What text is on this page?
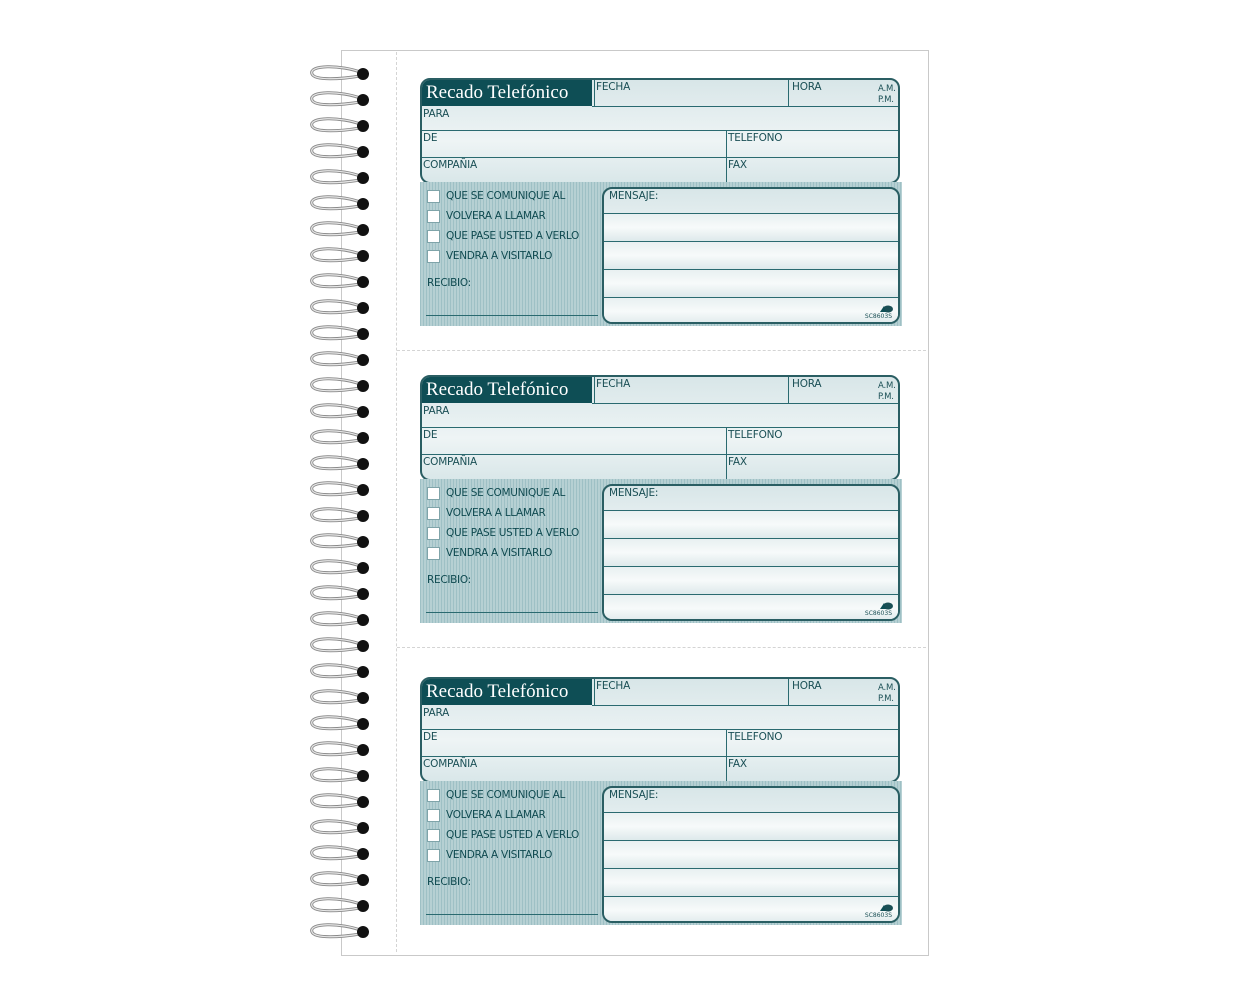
Recado Telefónico	FECHA	HORA	A.M.
P.M.
PARA
DE	TELEFONO
COMPAÑIA	FAX
QUE SE COMUNIQUE AL
VOLVERA A LLAMAR
QUE PASE USTED A VERLO
VENDRA A VISITARLO
RECIBIO:
MENSAJE:
SC8603S
Recado Telefónico	FECHA	HORA	A.M.
P.M.
PARA
DE	TELEFONO
COMPAÑIA	FAX
QUE SE COMUNIQUE AL
VOLVERA A LLAMAR
QUE PASE USTED A VERLO
VENDRA A VISITARLO
RECIBIO:
MENSAJE:
SC8603S
Recado Telefónico	FECHA	HORA	A.M.
P.M.
PARA
DE	TELEFONO
COMPAÑIA	FAX
QUE SE COMUNIQUE AL
VOLVERA A LLAMAR
QUE PASE USTED A VERLO
VENDRA A VISITARLO
RECIBIO:
MENSAJE:
SC8603S
